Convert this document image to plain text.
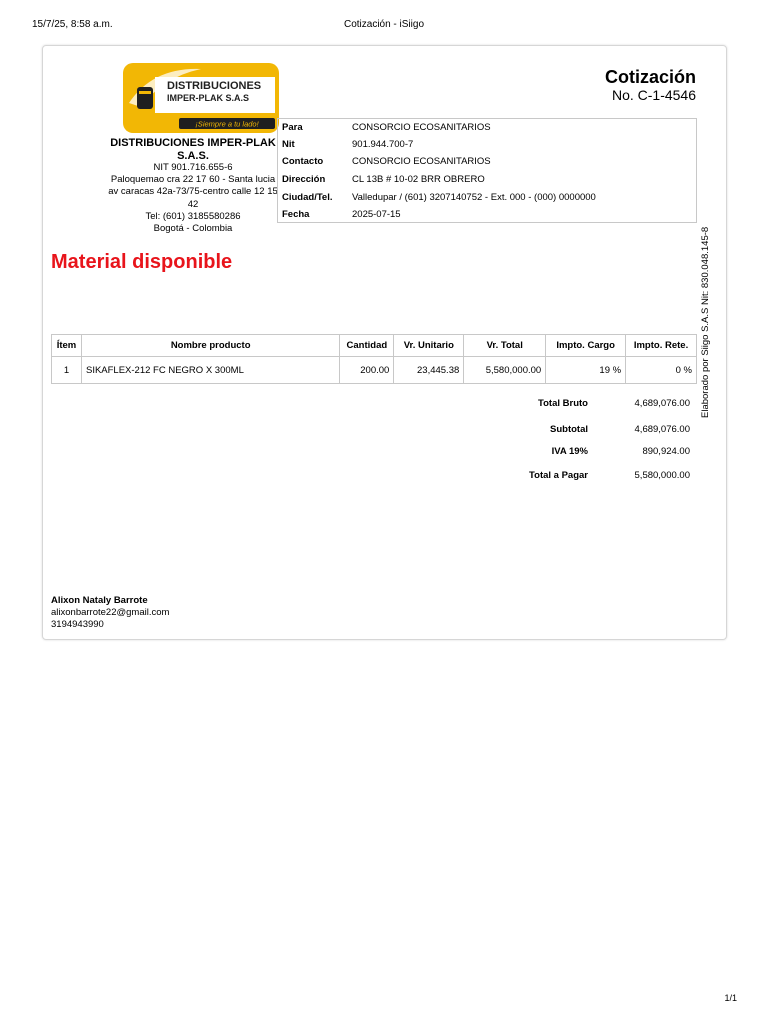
15/7/25, 8:58 a.m.	Cotización - iSiigo
DISTRIBUCIONES
IMPER-PLAK S.A.S
¡Siempre a tu lado!
DISTRIBUCIONES IMPER-PLAK S.A.S.
NIT 901.716.655-6
Paloquemao cra 22 17 60 - Santa lucia av caracas 42a-73/75-centro calle 12 15 42
Tel: (601) 3185580286
Bogotá - Colombia
Cotización
No. C-1-4546
Para	CONSORCIO ECOSANITARIOS
Nit	901.944.700-7
Contacto	CONSORCIO ECOSANITARIOS
Dirección	CL 13B # 10-02 BRR OBRERO
Ciudad/Tel. Valledupar / (601) 3207140752 - Ext. 000 - (000) 0000000
Fecha	2025-07-15
Material disponible	Elaborado por Siigo S.A.S Nit: 830.048.145-8
Ítem	Nombre producto	Cantidad	Vr. Unitario	Vr. Total	Impto. Cargo	Impto. Rete.
1	SIKAFLEX-212 FC NEGRO X 300ML	200.00	23,445.38	5,580,000.00	19 %	0 %
Total Bruto	4,689,076.00
Subtotal	4,689,076.00
IVA 19%	890,924.00
Total a Pagar	5,580,000.00
Alixon Nataly Barrote
alixonbarrote22@gmail.com
3194943990
1/1
